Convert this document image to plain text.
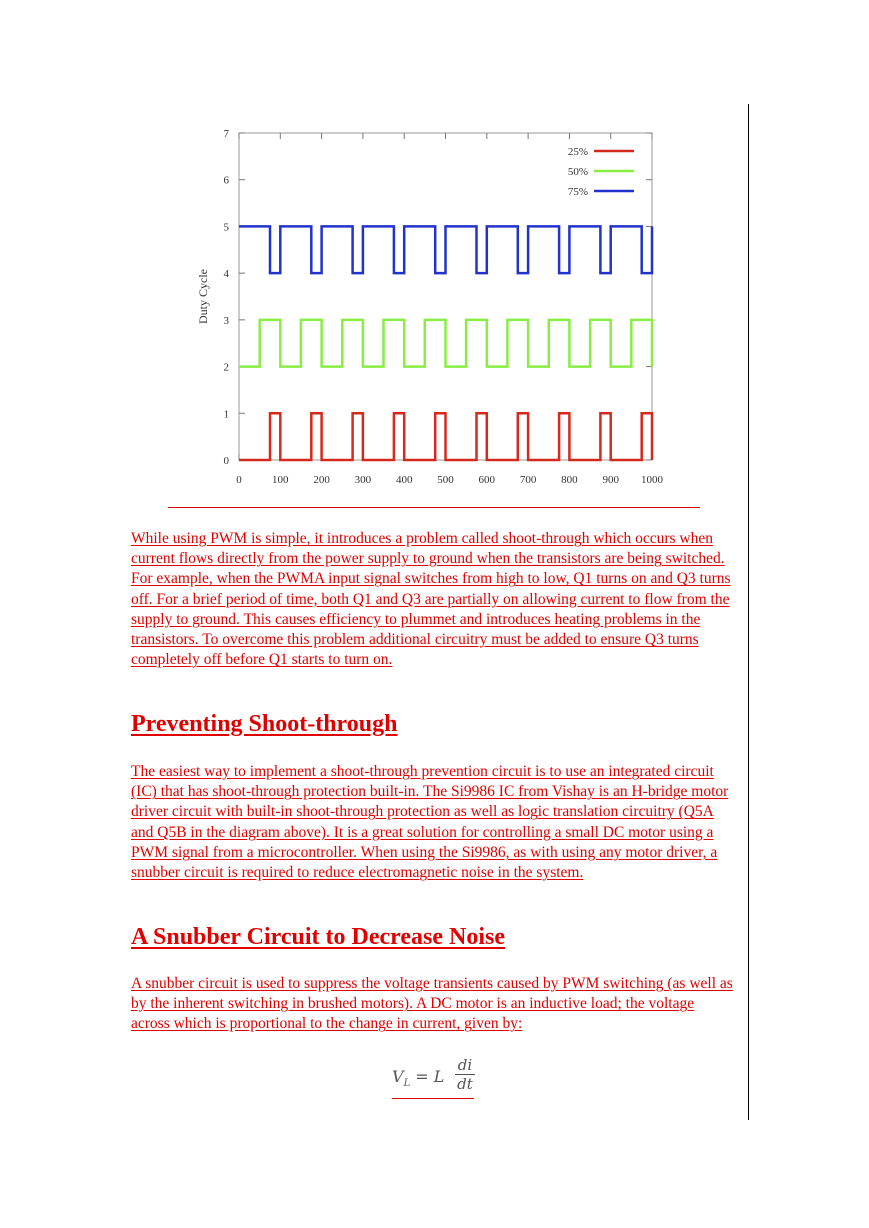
0	100 200 300 400 500 600 700 800 900 1000
0
1
2
3
4
5
6
7
Duty Cycle
25%
50%
75%

While using PWM is simple, it introduces a problem called shoot-through which occurs when current flows directly from the power supply to ground when the transistors are being switched. For example, when the PWMA input signal switches from high to low, Q1 turns on and Q3 turns off. For a brief period of time, both Q1 and Q3 are partially on allowing current to flow from the supply to ground. This causes efficiency to plummet and introduces heating problems in the transistors. To overcome this problem additional circuitry must be added to ensure Q3 turns completely off before Q1 starts to turn on.

Preventing Shoot-through

The easiest way to implement a shoot-through prevention circuit is to use an integrated circuit (IC) that has shoot-through protection built-in. The Si9986 IC from Vishay is an H-bridge motor driver circuit with built-in shoot-through protection as well as logic translation circuitry (Q5A and Q5B in the diagram above). It is a great solution for controlling a small DC motor using a PWM signal from a microcontroller. When using the Si9986, as with using any motor driver, a snubber circuit is required to reduce electromagnetic noise in the system.

A Snubber Circuit to Decrease Noise

A snubber circuit is used to suppress the voltage transients caused by PWM switching (as well as by the inherent switching in brushed motors). A DC motor is an inductive load; the voltage across which is proportional to the change in current, given by:

$V_L = L \frac{di}{dt}$
